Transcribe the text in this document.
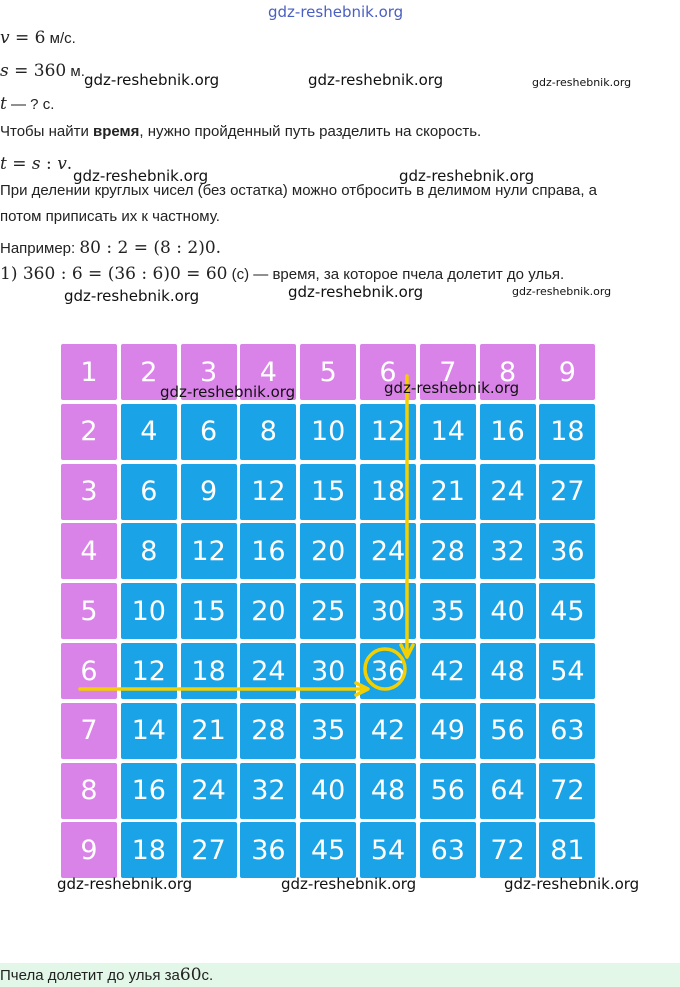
gdz-reshebnik.org
v = 6 м/с.
s = 360 м.
t — ? с.
Чтобы найти время, нужно пройденный путь разделить на скорость.
t = s : v.
При делении круглых чисел (без остатка) можно отбросить в делимом нули справа, а
потом приписать их к частному.
Например: 80 : 2 = (8 : 2)0.
1) 360 : 6 = (36 : 6)0 = 60 (с) — время, за которое пчела долетит до улья.
1	2	3	4	5	6	7	8	9
2	4	6	8	10 12 14 16 18
3	6	9	12 15 18 21 24 27
4	8	12 16 20 24 28 32 36
5	10 15 20 25 30 35 40 45
6	12 18 24 30 36 42 48 54
7	14 21 28 35 42 49 56 63
8	16 24 32 40 48 56 64 72
9	18 27 36 45 54 63 72 81
gdz-reshebnik.org	gdz-reshebnik.org	gdz-reshebnik.org
gdz-reshebnik.org	gdz-reshebnik.org
gdz-reshebnik.org	gdz-reshebnik.org	gdz-reshebnik.org
gdz-reshebnik.org	gdz-reshebnik.org
gdz-reshebnik.org	gdz-reshebnik.org	gdz-reshebnik.org
Пчела долетит до улья за 60 с.
